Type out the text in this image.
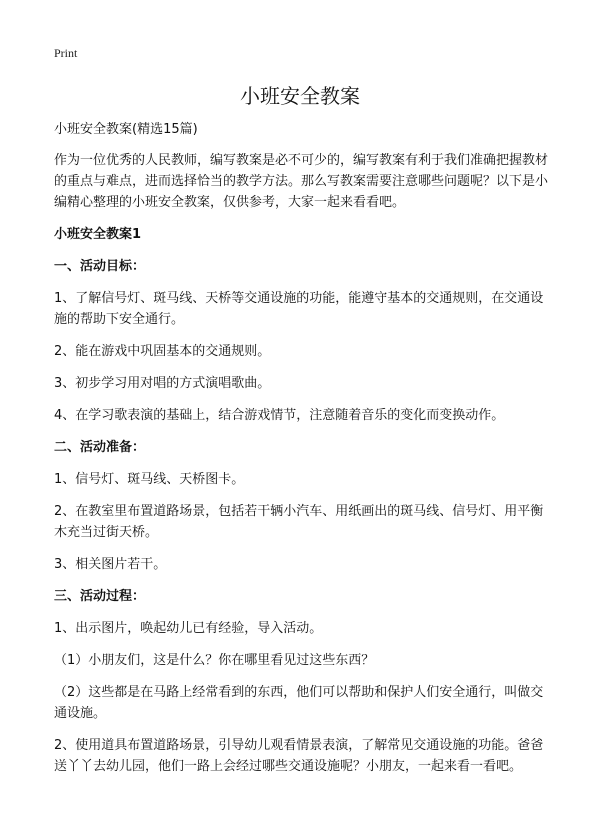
Print
小班安全教案

小班安全教案(精选15篇)

作为一位优秀的人民教师，编写教案是必不可少的，编写教案有利于我们准确把握教材的重点与难点，进而选择恰当的教学方法。那么写教案需要注意哪些问题呢？以下是小编精心整理的小班安全教案，仅供参考，大家一起来看看吧。

小班安全教案1

一、活动目标：

1、了解信号灯、斑马线、天桥等交通设施的功能，能遵守基本的交通规则，在交通设施的帮助下安全通行。

2、能在游戏中巩固基本的交通规则。

3、初步学习用对唱的方式演唱歌曲。

4、在学习歌表演的基础上，结合游戏情节，注意随着音乐的变化而变换动作。

二、活动准备：

1、信号灯、斑马线、天桥图卡。

2、在教室里布置道路场景，包括若干辆小汽车、用纸画出的斑马线、信号灯、用平衡木充当过街天桥。

3、相关图片若干。

三、活动过程：

1、出示图片，唤起幼儿已有经验，导入活动。

（1）小朋友们，这是什么？你在哪里看见过这些东西？

（2）这些都是在马路上经常看到的东西，他们可以帮助和保护人们安全通行，叫做交通设施。

2、使用道具布置道路场景，引导幼儿观看情景表演，了解常见交通设施的功能。爸爸送丫丫去幼儿园，他们一路上会经过哪些交通设施呢？小朋友，一起来看一看吧。
